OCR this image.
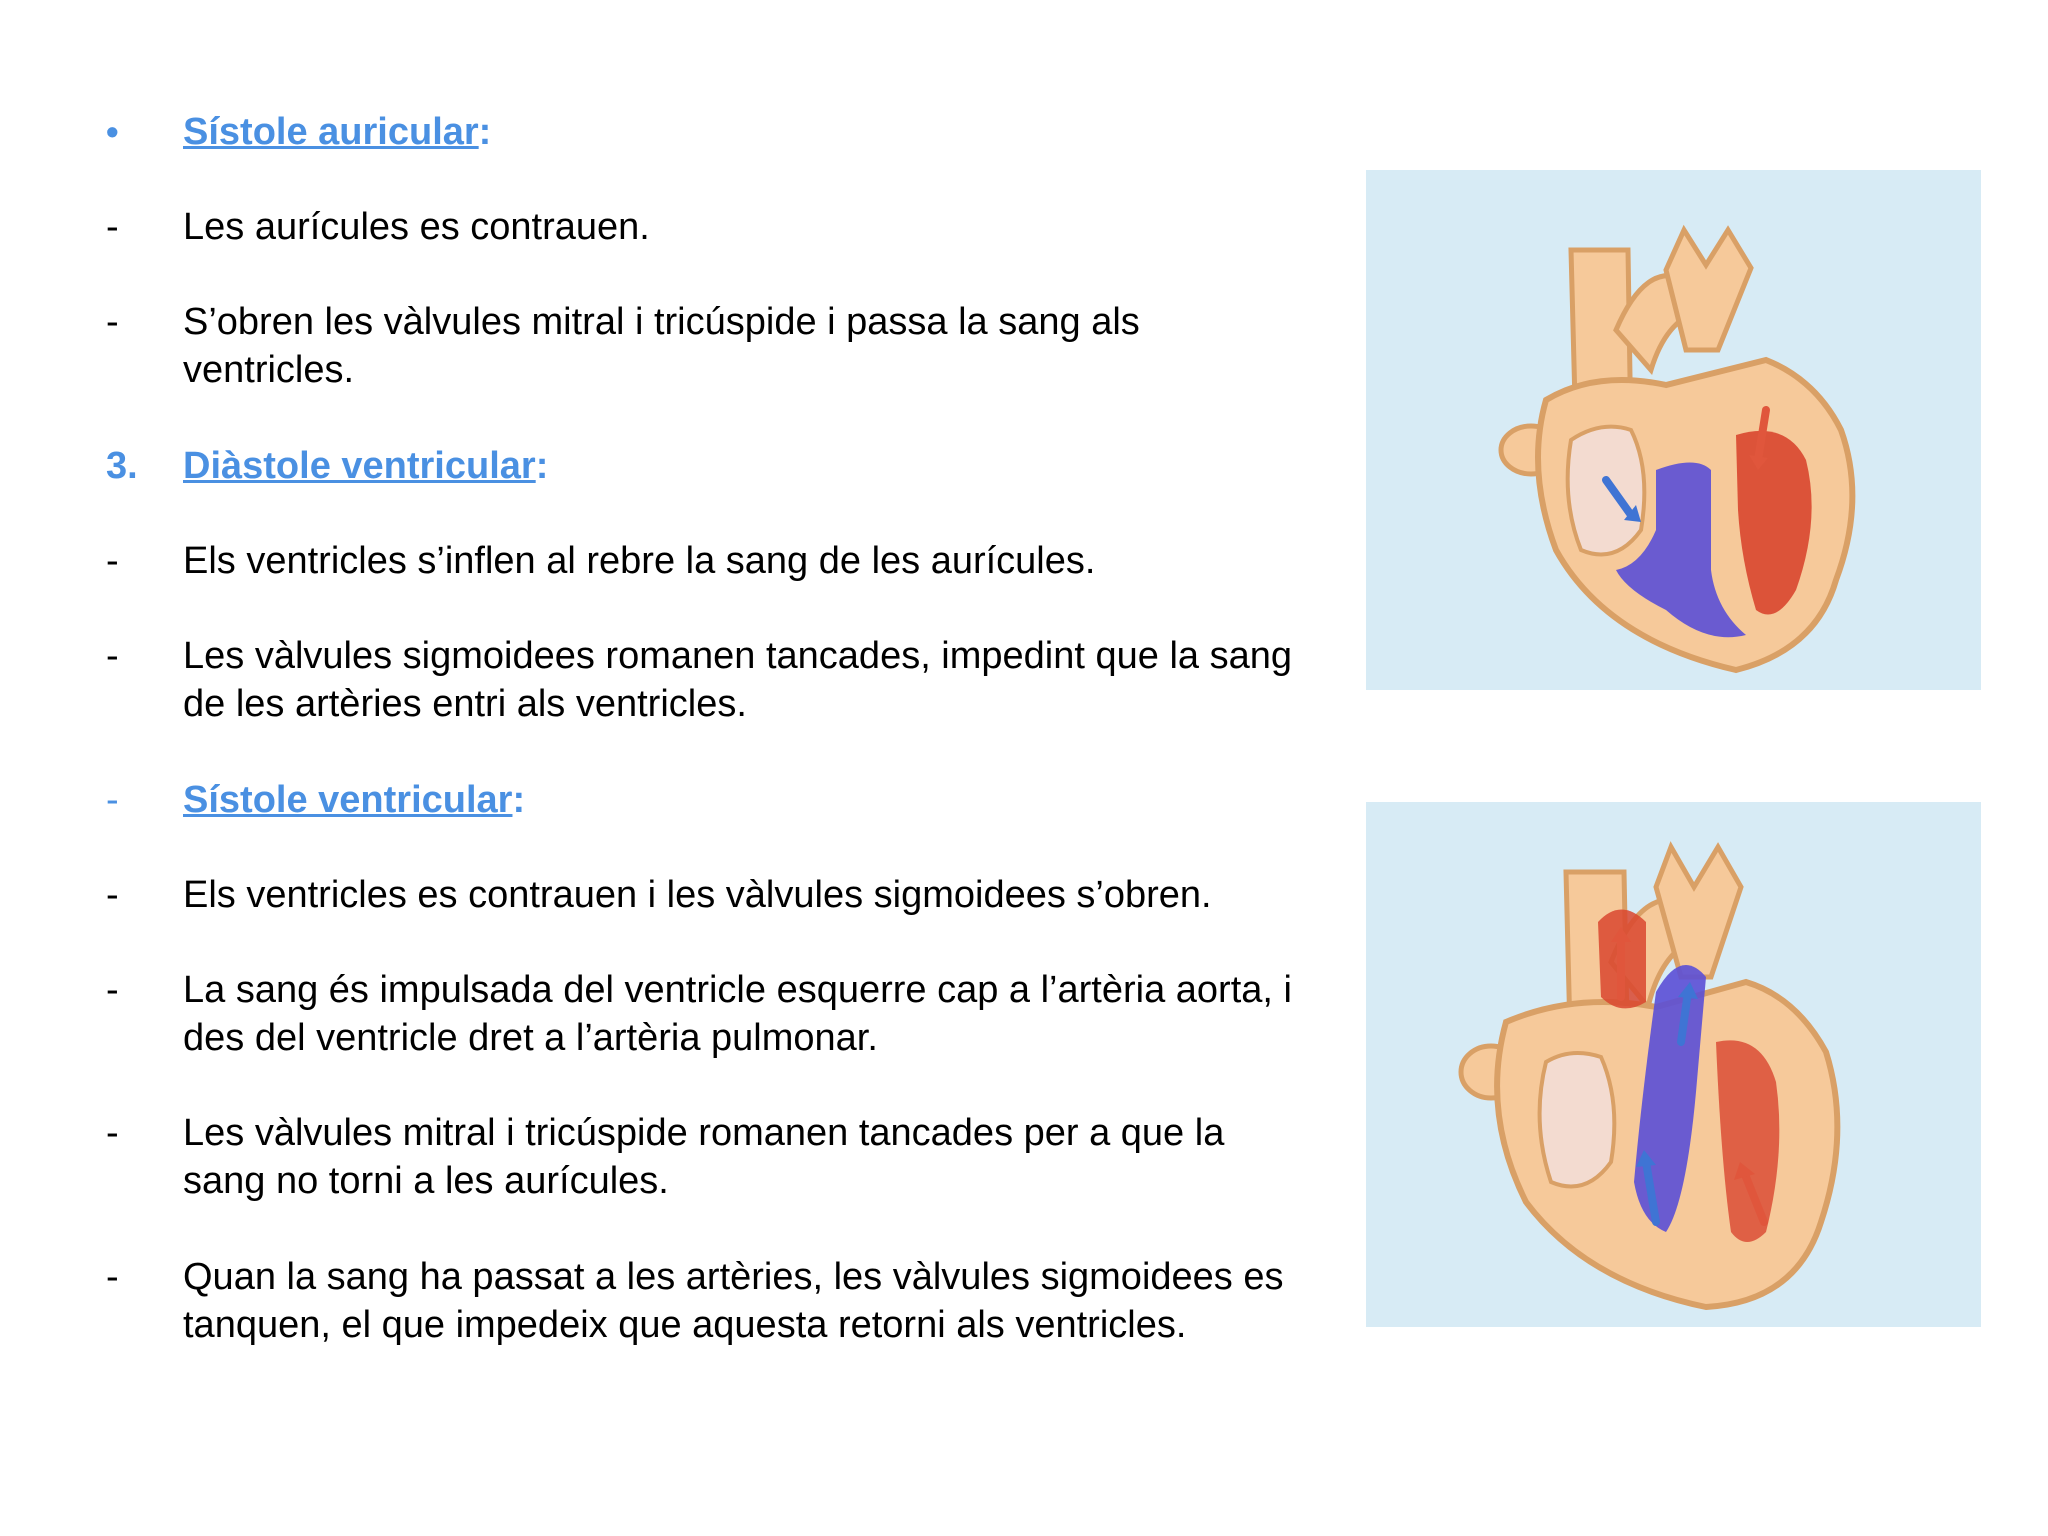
• Sístole auricular:
- Les aurícules es contrauen.
- S’obren les vàlvules mitral i tricúspide i passa la sang als ventricles.
3. Diàstole ventricular:
- Els ventricles s’inflen al rebre la sang de les aurícules.
- Les vàlvules sigmoidees romanen tancades, impedint que la sang de les artèries entri als ventricles.
- Sístole ventricular:
- Els ventricles es contrauen i les vàlvules sigmoidees s’obren.
- La sang és impulsada del ventricle esquerre cap a l’artèria aorta, i des del ventricle dret a l’artèria pulmonar.
- Les vàlvules mitral i tricúspide romanen tancades per a que la sang no torni a les aurícules.
- Quan la sang ha passat a les artèries, les vàlvules sigmoidees es tanquen, el que impedeix que aquesta retorni als ventricles.
